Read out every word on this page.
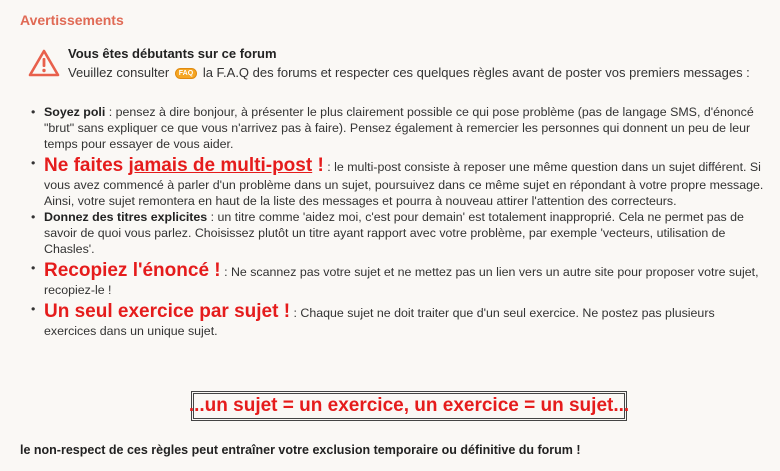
Avertissements
Vous êtes débutants sur ce forum
Veuillez consulter FAQ la F.A.Q des forums et respecter ces quelques règles avant de poster vos premiers messages :
• Soyez poli : pensez à dire bonjour, à présenter le plus clairement possible ce qui pose problème (pas de langage SMS, d'énoncé "brut" sans expliquer ce que vous n'arrivez pas à faire). Pensez également à remercier les personnes qui donnent un peu de leur temps pour essayer de vous aider.
• Ne faites jamais de multi-post ! : le multi-post consiste à reposer une même question dans un sujet différent. Si vous avez commencé à parler d'un problème dans un sujet, poursuivez dans ce même sujet en répondant à votre propre message. Ainsi, votre sujet remontera en haut de la liste des messages et pourra à nouveau attirer l'attention des correcteurs.
• Donnez des titres explicites : un titre comme 'aidez moi, c'est pour demain' est totalement inapproprié. Cela ne permet pas de savoir de quoi vous parlez. Choisissez plutôt un titre ayant rapport avec votre problème, par exemple 'vecteurs, utilisation de Chasles'.
• Recopiez l'énoncé ! : Ne scannez pas votre sujet et ne mettez pas un lien vers un autre site pour proposer votre sujet, recopiez-le !
• Un seul exercice par sujet ! : Chaque sujet ne doit traiter que d'un seul exercice. Ne postez pas plusieurs exercices dans un unique sujet.
...un sujet = un exercice, un exercice = un sujet...
le non-respect de ces règles peut entraîner votre exclusion temporaire ou définitive du forum !
